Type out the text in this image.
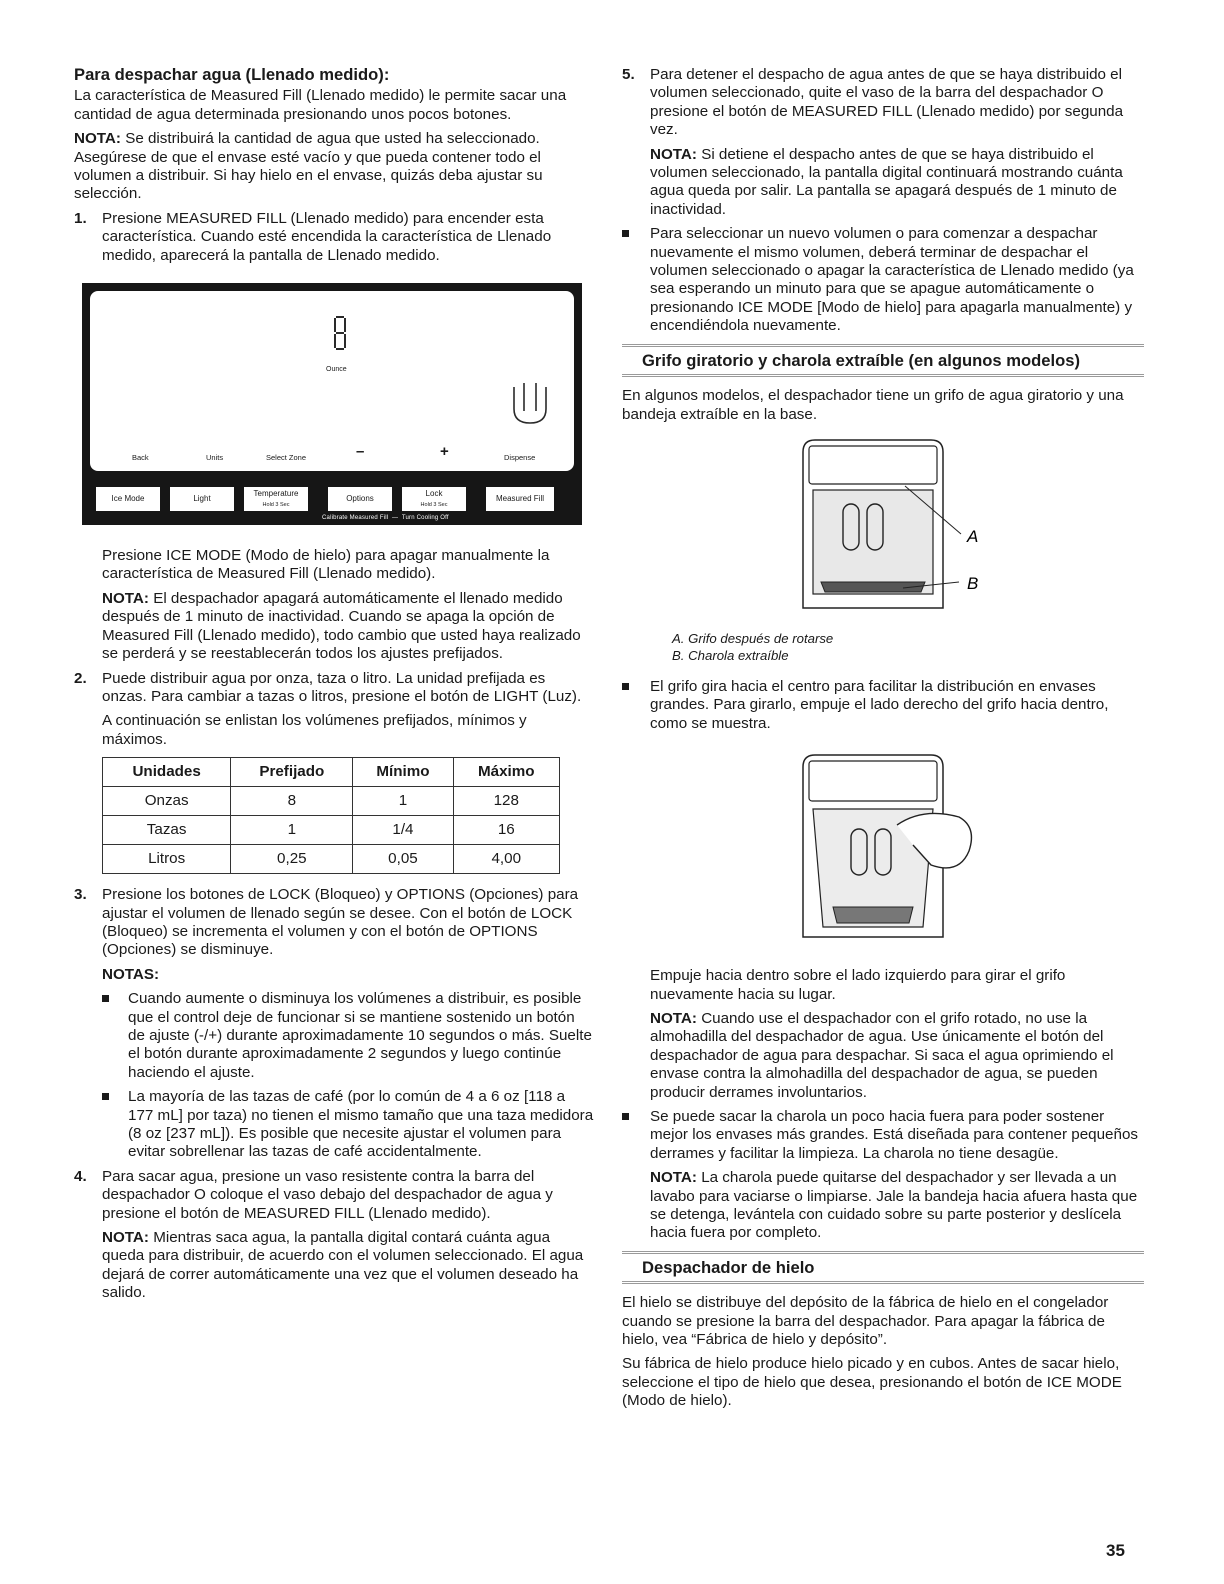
Para despachar agua (Llenado medido):

La característica de Measured Fill (Llenado medido) le permite sacar una cantidad de agua determinada presionando unos pocos botones.

NOTA: Se distribuirá la cantidad de agua que usted ha seleccionado. Asegúrese de que el envase esté vacío y que pueda contener todo el volumen a distribuir. Si hay hielo en el envase, quizás deba ajustar su selección.

1. Presione MEASURED FILL (Llenado medido) para encender esta característica. Cuando esté encendida la característica de Llenado medido, aparecerá la pantalla de Llenado medido.
Ounce
Back	Units	Select Zone	–	+	Dispense
Ice Mode	Light
Temperature
Hold 3 Sec
Options
Lock
Hold 3 Sec
Measured Fill
Calibrate Measured Fill  —  Turn Cooling Off

Presione ICE MODE (Modo de hielo) para apagar manualmente la característica de Measured Fill (Llenado medido).

NOTA: El despachador apagará automáticamente el llenado medido después de 1 minuto de inactividad. Cuando se apaga la opción de Measured Fill (Llenado medido), todo cambio que usted haya realizado se perderá y se reestablecerán todos los ajustes prefijados.

2. Puede distribuir agua por onza, taza o litro. La unidad prefijada es onzas. Para cambiar a tazas o litros, presione el botón de LIGHT (Luz).

A continuación se enlistan los volúmenes prefijados, mínimos y máximos.

Unidades	Prefijado	Mínimo	Máximo
Onzas	8	1	128
Tazas	1	1/4	16
Litros	0,25	0,05	4,00
3. Presione los botones de LOCK (Bloqueo) y OPTIONS (Opciones) para ajustar el volumen de llenado según se desee. Con el botón de LOCK (Bloqueo) se incrementa el volumen y con el botón de OPTIONS (Opciones) se disminuye.

NOTAS:

Cuando aumente o disminuya los volúmenes a distribuir, es posible que el control deje de funcionar si se mantiene sostenido un botón de ajuste (-/+) durante aproximadamente 10 segundos o más. Suelte el botón durante aproximadamente 2 segundos y luego continúe haciendo el ajuste.
La mayoría de las tazas de café (por lo común de 4 a 6 oz [118 a 177 mL] por taza) no tienen el mismo tamaño que una taza medidora (8 oz [237 mL]). Es posible que necesite ajustar el volumen para evitar sobrellenar las tazas de café accidentalmente.
4. Para sacar agua, presione un vaso resistente contra la barra del despachador O coloque el vaso debajo del despachador de agua y presione el botón de MEASURED FILL (Llenado medido).

NOTA: Mientras saca agua, la pantalla digital contará cuánta agua queda para distribuir, de acuerdo con el volumen seleccionado. El agua dejará de correr automáticamente una vez que el volumen deseado ha salido.

5. Para detener el despacho de agua antes de que se haya distribuido el volumen seleccionado, quite el vaso de la barra del despachador O presione el botón de MEASURED FILL (Llenado medido) por segunda vez.

NOTA: Si detiene el despacho antes de que se haya distribuido el volumen seleccionado, la pantalla digital continuará mostrando cuánta agua queda por salir. La pantalla se apagará después de 1 minuto de inactividad.

Para seleccionar un nuevo volumen o para comenzar a despachar nuevamente el mismo volumen, deberá terminar de despachar el volumen seleccionado o apagar la característica de Llenado medido (ya sea esperando un minuto para que se apague automáticamente o presionando ICE MODE [Modo de hielo] para apagarla manualmente) y encendiéndola nuevamente.
Grifo giratorio y charola extraíble (en algunos modelos)

En algunos modelos, el despachador tiene un grifo de agua giratorio y una bandeja extraíble en la base.

A
B
A. Grifo después de rotarse
B. Charola extraíble
El grifo gira hacia el centro para facilitar la distribución en envases grandes. Para girarlo, empuje el lado derecho del grifo hacia dentro, como se muestra.

Empuje hacia dentro sobre el lado izquierdo para girar el grifo nuevamente hacia su lugar.

NOTA: Cuando use el despachador con el grifo rotado, no use la almohadilla del despachador de agua. Use únicamente el botón del despachador de agua para despachar. Si saca el agua oprimiendo el envase contra la almohadilla del despachador de agua, se pueden producir derrames involuntarios.

Se puede sacar la charola un poco hacia fuera para poder sostener mejor los envases más grandes. Está diseñada para contener pequeños derrames y facilitar la limpieza. La charola no tiene desagüe.

NOTA: La charola puede quitarse del despachador y ser llevada a un lavabo para vaciarse o limpiarse. Jale la bandeja hacia afuera hasta que se detenga, levántela con cuidado sobre su parte posterior y deslícela hacia fuera por completo.

Despachador de hielo

El hielo se distribuye del depósito de la fábrica de hielo en el congelador cuando se presione la barra del despachador. Para apagar la fábrica de hielo, vea “Fábrica de hielo y depósito”.

Su fábrica de hielo produce hielo picado y en cubos. Antes de sacar hielo, seleccione el tipo de hielo que desea, presionando el botón de ICE MODE (Modo de hielo).

35
